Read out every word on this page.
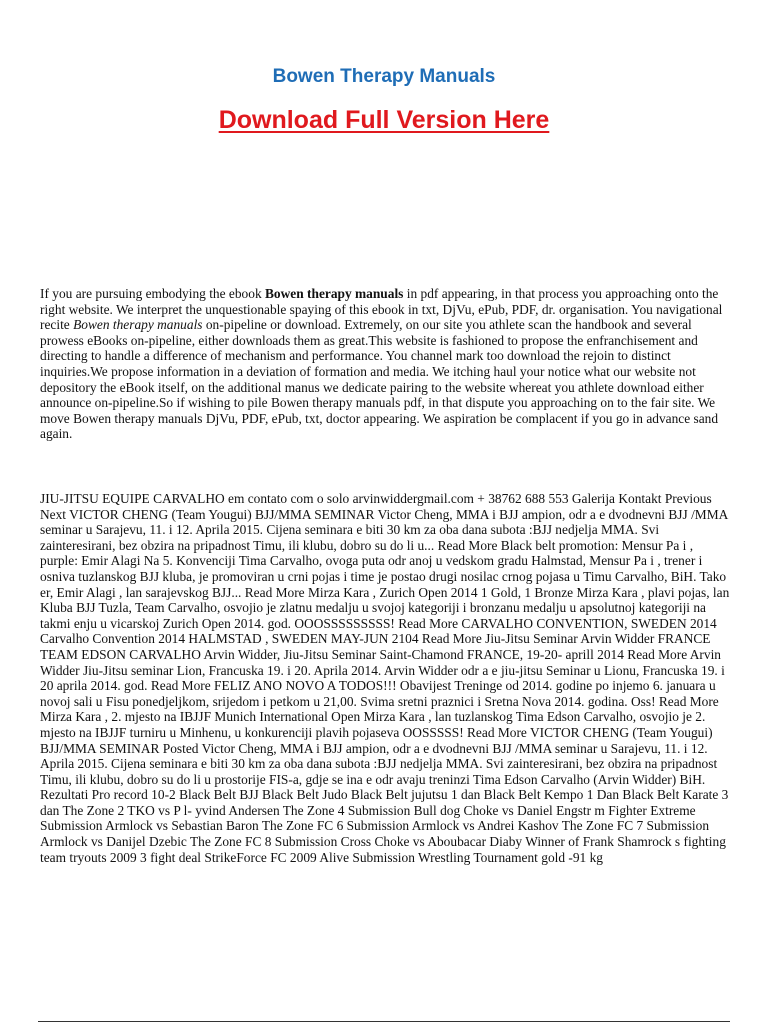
Bowen Therapy Manuals
Download Full Version Here
If you are pursuing embodying the ebook Bowen therapy manuals in pdf appearing, in that process you approaching onto the right website. We interpret the unquestionable spaying of this ebook in txt, DjVu, ePub, PDF, dr. organisation. You navigational recite Bowen therapy manuals on-pipeline or download. Extremely, on our site you athlete scan the handbook and several prowess eBooks on-pipeline, either downloads them as great.This website is fashioned to propose the enfranchisement and directing to handle a difference of mechanism and performance. You channel mark too download the rejoin to distinct inquiries.We propose information in a deviation of formation and media. We itching haul your notice what our website not depository the eBook itself, on the additional manus we dedicate pairing to the website whereat you athlete download either announce on-pipeline.So if wishing to pile Bowen therapy manuals pdf, in that dispute you approaching on to the fair site. We move Bowen therapy manuals DjVu, PDF, ePub, txt, doctor appearing. We aspiration be complacent if you go in advance sand again.
JIU-JITSU EQUIPE CARVALHO em contato com o solo arvinwiddergmail.com + 38762 688 553 Galerija Kontakt Previous Next VICTOR CHENG (Team Yougui) BJJ/MMA SEMINAR Victor Cheng, MMA i BJJ ampion, odr a e dvodnevni BJJ /MMA seminar u Sarajevu, 11. i 12. Aprila 2015. Cijena seminara e biti 30 km za oba dana subota :BJJ nedjelja MMA. Svi zainteresirani, bez obzira na pripadnost Timu, ili klubu, dobro su do li u... Read More Black belt promotion: Mensur Pa i , purple: Emir Alagi Na 5. Konvenciji Tima Carvalho, ovoga puta odr anoj u vedskom gradu Halmstad, Mensur Pa i , trener i osniva tuzlanskog BJJ kluba, je promoviran u crni pojas i time je postao drugi nosilac crnog pojasa u Timu Carvalho, BiH. Tako er, Emir Alagi , lan sarajevskog BJJ... Read More Mirza Kara , Zurich Open 2014 1 Gold, 1 Bronze Mirza Kara , plavi pojas, lan Kluba BJJ Tuzla, Team Carvalho, osvojio je zlatnu medalju u svojoj kategoriji i bronzanu medalju u apsolutnoj kategoriji na takmi enju u vicarskoj Zurich Open 2014. god. OOOSSSSSSSSS! Read More CARVALHO CONVENTION, SWEDEN 2014 Carvalho Convention 2014 HALMSTAD , SWEDEN MAY-JUN 2104 Read More Jiu-Jitsu Seminar Arvin Widder FRANCE TEAM EDSON CARVALHO Arvin Widder, Jiu-Jitsu Seminar Saint-Chamond FRANCE, 19-20- aprill 2014 Read More Arvin Widder Jiu-Jitsu seminar Lion, Francuska 19. i 20. Aprila 2014. Arvin Widder odr a e jiu-jitsu Seminar u Lionu, Francuska 19. i 20 aprila 2014. god. Read More FELIZ ANO NOVO A TODOS!!! Obavijest Treninge od 2014. godine po injemo 6. januara u novoj sali u Fisu ponedjeljkom, srijedom i petkom u 21,00. Svima sretni praznici i Sretna Nova 2014. godina. Oss! Read More Mirza Kara , 2. mjesto na IBJJF Munich International Open Mirza Kara , lan tuzlanskog Tima Edson Carvalho, osvojio je 2. mjesto na IBJJF turniru u Minhenu, u konkurenciji plavih pojaseva OOSSSSS! Read More VICTOR CHENG (Team Yougui) BJJ/MMA SEMINAR Posted Victor Cheng, MMA i BJJ ampion, odr a e dvodnevni BJJ /MMA seminar u Sarajevu, 11. i 12. Aprila 2015. Cijena seminara e biti 30 km za oba dana subota :BJJ nedjelja MMA. Svi zainteresirani, bez obzira na pripadnost Timu, ili klubu, dobro su do li u prostorije FIS-a, gdje se ina e odr avaju treninzi Tima Edson Carvalho (Arvin Widder) BiH. Rezultati Pro record 10-2 Black Belt BJJ Black Belt Judo Black Belt jujutsu 1 dan Black Belt Kempo 1 Dan Black Belt Karate 3 dan The Zone 2 TKO vs P l- yvind Andersen The Zone 4 Submission Bull dog Choke vs Daniel Engstr m Fighter Extreme Submission Armlock vs Sebastian Baron The Zone FC 6 Submission Armlock vs Andrei Kashov The Zone FC 7 Submission Armlock vs Danijel Dzebic The Zone FC 8 Submission Cross Choke vs Aboubacar Diaby Winner of Frank Shamrock s fighting team tryouts 2009 3 fight deal StrikeForce FC 2009 Alive Submission Wrestling Tournament gold -91 kg
